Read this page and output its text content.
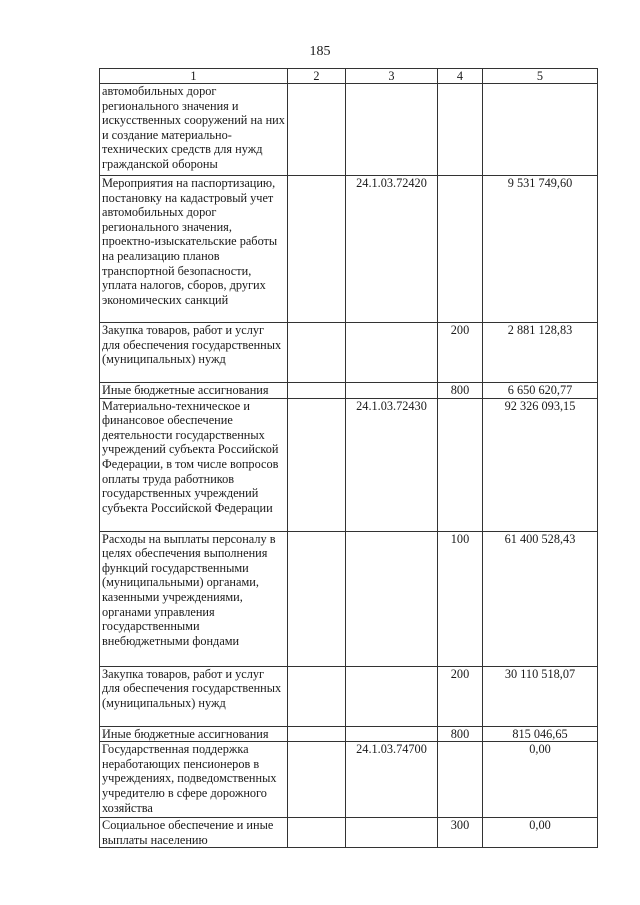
185
1	2	3	4	5
автомобильных дорог регионального значения и искусственных сооружений на них и создание материально-технических средств для нужд гражданской обороны				
Мероприятия на паспортизацию, постановку на кадастровый учет автомобильных дорог регионального значения, проектно-изыскательские работы на реализацию планов транспортной безопасности, уплата налогов, сборов, других экономических санкций		24.1.03.72420		9 531 749,60
Закупка товаров, работ и услуг для обеспечения государственных (муниципальных) нужд			200	2 881 128,83
Иные бюджетные ассигнования			800	6 650 620,77
Материально-техническое и финансовое обеспечение деятельности государственных учреждений субъекта Российской Федерации, в том числе вопросов оплаты труда работников государственных учреждений субъекта Российской Федерации		24.1.03.72430		92 326 093,15
Расходы на выплаты персоналу в целях обеспечения выполнения функций государственными (муниципальными) органами, казенными учреждениями, органами управления государственными внебюджетными фондами			100	61 400 528,43
Закупка товаров, работ и услуг для обеспечения государственных (муниципальных) нужд			200	30 110 518,07
Иные бюджетные ассигнования			800	815 046,65
Государственная поддержка неработающих пенсионеров в учреждениях, подведомственных учредителю в сфере дорожного хозяйства		24.1.03.74700		0,00
Социальное обеспечение и иные выплаты населению			300	0,00
